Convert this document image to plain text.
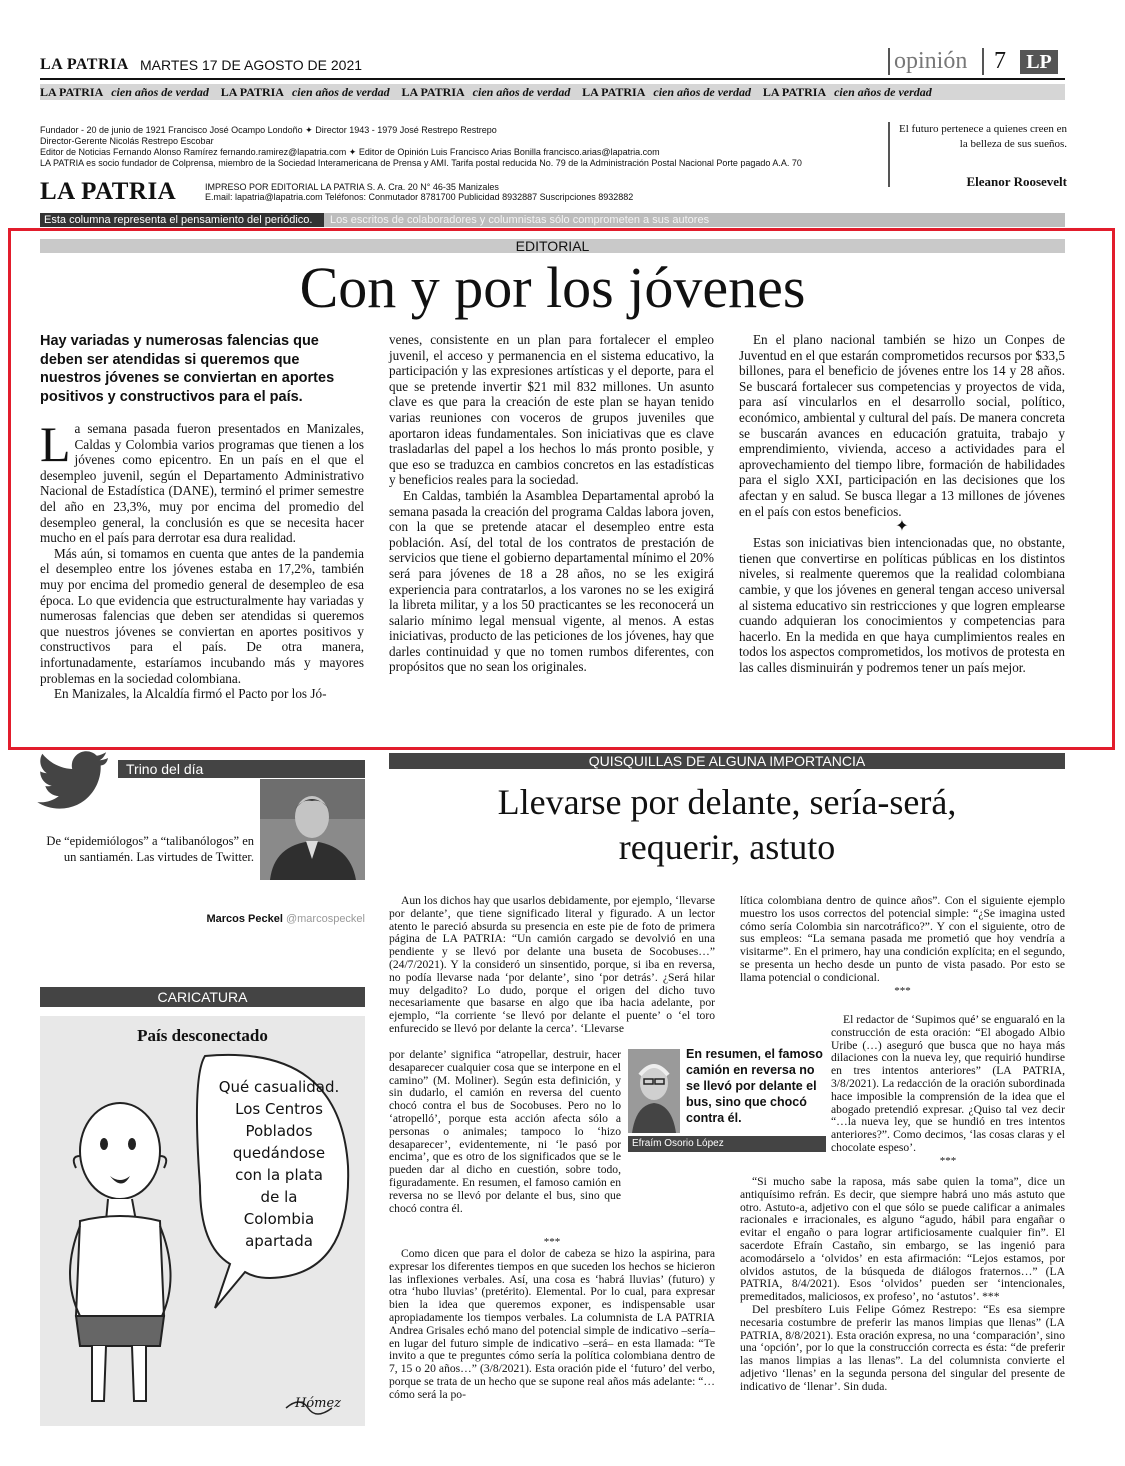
LA PATRIA MARTES 17 DE AGOSTO DE 2021	opinión	7	LP
LA PATRIA cien años de verdad LA PATRIA cien años de verdad LA PATRIA cien años de verdad LA PATRIA cien años de verdad LA PATRIA cien años de verdad
Fundador - 20 de junio de 1921 Francisco José Ocampo Londoño ✦ Director 1943 - 1979 José Restrepo Restrepo
Director-Gerente Nicolás Restrepo Escobar
Editor de Noticias Fernando Alonso Ramírez fernando.ramirez@lapatria.com ✦ Editor de Opinión Luis Francisco Arias Bonilla francisco.arias@lapatria.com
LA PATRIA es socio fundador de Colprensa, miembro de la Sociedad Interamericana de Prensa y AMI. Tarifa postal reducida No. 79 de la Administración Postal Nacional Porte pagado A.A. 70
LA PATRIA	IMPRESO POR EDITORIAL LA PATRIA S. A. Cra. 20 N° 46-35 Manizales
E.mail: lapatria@lapatria.com Teléfonos: Conmutador 8781700 Publicidad 8932887 Suscripciones 8932882
El futuro pertenece a quienes creen en la belleza de sus sueños.
Eleanor Roosevelt
Esta columna representa el pensamiento del periódico.	Los escritos de colaboradores y columnistas sólo comprometen a sus autores
EDITORIAL
Con y por los jóvenes
Hay variadas y numerosas falencias que deben ser atendidas si queremos que nuestros jóvenes se conviertan en aportes positivos y constructivos para el país.

La semana pasada fueron presentados en Manizales, Caldas y Colombia varios programas que tienen a los jóvenes como epicentro. En un país en el que el desempleo juvenil, según el Departamento Administrativo Nacional de Estadística (DANE), terminó el primer semestre del año en 23,3%, muy por encima del promedio del desempleo general, la conclusión es que se necesita hacer mucho en el país para derrotar esa dura realidad.

Más aún, si tomamos en cuenta que antes de la pandemia el desempleo entre los jóvenes estaba en 17,2%, también muy por encima del promedio general de desempleo de esa época. Lo que evidencia que estructuralmente hay variadas y numerosas falencias que deben ser atendidas si queremos que nuestros jóvenes se conviertan en aportes positivos y constructivos para el país. De otra manera, infortunadamente, estaríamos incubando más y mayores problemas en la sociedad colombiana.

En Manizales, la Alcaldía firmó el Pacto por los Jó-

venes, consistente en un plan para fortalecer el empleo juvenil, el acceso y permanencia en el sistema educativo, la participación y las expresiones artísticas y el deporte, para el que se pretende invertir $21 mil 832 millones. Un asunto clave es que para la creación de este plan se hayan tenido varias reuniones con voceros de grupos juveniles que aportaron ideas fundamentales. Son iniciativas que es clave trasladarlas del papel a los hechos lo más pronto posible, y que eso se traduzca en cambios concretos en las estadísticas y beneficios reales para la sociedad.

En Caldas, también la Asamblea Departamental aprobó la semana pasada la creación del programa Caldas labora joven, con la que se pretende atacar el desempleo entre esta población. Así, del total de los contratos de prestación de servicios que tiene el gobierno departamental mínimo el 20% será para jóvenes de 18 a 28 años, no se les exigirá experiencia para contratarlos, a los varones no se les exigirá la libreta militar, y a los 50 practicantes se les reconocerá un salario mínimo legal mensual vigente, al menos. A estas iniciativas, producto de las peticiones de los jóvenes, hay que darles continuidad y que no tomen rumbos diferentes, con propósitos que no sean los originales.

En el plano nacional también se hizo un Conpes de Juventud en el que estarán comprometidos recursos por $33,5 billones, para el beneficio de jóvenes entre los 14 y 28 años. Se buscará fortalecer sus competencias y proyectos de vida, para así vincularlos en el desarrollo social, político, económico, ambiental y cultural del país. De manera concreta se buscarán avances en educación gratuita, trabajo y emprendimiento, vivienda, acceso a actividades para el aprovechamiento del tiempo libre, formación de habilidades para el siglo XXI, participación en las decisiones que los afectan y en salud. Se busca llegar a 13 millones de jóvenes en el país con estos beneficios.

✦

Estas son iniciativas bien intencionadas que, no obstante, tienen que convertirse en políticas públicas en los distintos niveles, si realmente queremos que la realidad colombiana cambie, y que los jóvenes en general tengan acceso universal al sistema educativo sin restricciones y que logren emplearse cuando adquieran los conocimientos y competencias para hacerlo. En la medida en que haya cumplimientos reales en todos los aspectos comprometidos, los motivos de protesta en las calles disminuirán y podremos tener un país mejor.

Trino del día
De “epidemiólogos” a “talibanólogos” en un santiamén. Las virtudes de Twitter.
Marcos Peckel @marcospeckel
CARICATURA
País desconectado
Qué casualidad.
Los Centros
Poblados
quedándose
con la plata
de la
Colombia
apartada
Hómez
QUISQUILLAS DE ALGUNA IMPORTANCIA
Llevarse por delante, sería-será,
requerir, astuto

Aun los dichos hay que usarlos debidamente, por ejemplo, ‘llevarse por delante’, que tiene significado literal y figurado. A un lector atento le pareció absurda su presencia en este pie de foto de primera página de LA PATRIA: “Un camión cargado se devolvió en una pendiente y se llevó por delante una buseta de Socobuses…” (24/7/2021). Y la consideró un sinsentido, porque, si iba en reversa, no podía llevarse nada ‘por delante’, sino ‘por detrás’. ¿Será hilar muy delgadito? Lo dudo, porque el origen del dicho tuvo necesariamente que basarse en algo que iba hacia adelante, por ejemplo, “la corriente ‘se llevó por delante el puente’ o ‘el toro enfurecido se llevó por delante la cerca’. ‘Llevarse

por delante’ significa “atropellar, destruir, hacer desaparecer cualquier cosa que se interpone en el camino” (M. Moliner). Según esta definición, y sin dudarlo, el camión en reversa del cuento chocó contra el bus de Socobuses. Pero no lo ‘atropelló’, porque esta acción afecta sólo a personas o animales; tampoco lo ‘hizo desaparecer’, evidentemente, ni ‘le pasó por encima’, que es otro de los significados que se le pueden dar al dicho en cuestión, sobre todo, figuradamente. En resumen, el famoso camión en reversa no se llevó por delante el bus, sino que chocó contra él.

En resumen, el famoso camión en reversa no se llevó por delante el bus, sino que chocó contra él.
Efraím Osorio López

lítica colombiana dentro de quince años”. Con el siguiente ejemplo muestro los usos correctos del potencial simple: “¿Se imagina usted cómo sería Colombia sin narcotráfico?”. Y con el siguiente, otro de sus empleos: “La semana pasada me prometió que hoy vendría a visitarme”. En el primero, hay una condición explícita; en el segundo, se presenta un hecho desde un punto de vista pasado. Por esto se llama potencial o condicional.

***

El redactor de ‘Supimos qué’ se enguaraló en la construcción de esta oración: “El abogado Albio Uribe (…) aseguró que busca que no haya más dilaciones con la nueva ley, que requirió hundirse en tres intentos anteriores” (LA PATRIA, 3/8/2021). La redacción de la oración subordinada hace imposible la comprensión de la idea que el abogado pretendió expresar. ¿Quiso tal vez decir “…la nueva ley, que se hundió en tres intentos anteriores?”. Como decimos, ‘las cosas claras y el chocolate espeso’.

***

“Si mucho sabe la raposa, más sabe quien la toma”, dice un antiquísimo refrán. Es decir, que siempre habrá uno más astuto que otro. Astuto-a, adjetivo con el que sólo se puede calificar a animales racionales e irracionales, es alguno “agudo, hábil para engañar o evitar el engaño o para lograr artificiosamente cualquier fin”. El sacerdote Efraín Castaño, sin embargo, se las ingenió para acomodárselo a ‘olvidos’ en esta afirmación: “Lejos estamos, por olvidos astutos, de la búsqueda de diálogos fraternos…” (LA PATRIA, 8/4/2021). Esos ‘olvidos’ pueden ser ‘intencionales, premeditados, maliciosos, ex profeso’, no ‘astutos’. ***

Del presbítero Luis Felipe Gómez Restrepo: “Es esa siempre necesaria costumbre de preferir las manos limpias que llenas” (LA PATRIA, 8/8/2021). Esta oración expresa, no una ‘comparación’, sino una ‘opción’, por lo que la construcción correcta es ésta: “de preferir las manos limpias a las llenas”. La del columnista convierte el adjetivo ‘llenas’ en la segunda persona del singular del presente de indicativo de ‘llenar’. Sin duda.

***

Como dicen que para el dolor de cabeza se hizo la aspirina, para expresar los diferentes tiempos en que suceden los hechos se hicieron las inflexiones verbales. Así, una cosa es ‘habrá lluvias’ (futuro) y otra ‘hubo lluvias’ (pretérito). Elemental. Por lo cual, para expresar bien la idea que queremos exponer, es indispensable usar apropiadamente los tiempos verbales. La columnista de LA PATRIA Andrea Grisales echó mano del potencial simple de indicativo –sería– en lugar del futuro simple de indicativo –será– en esta llamada: “Te invito a que te preguntes cómo sería la política colombiana dentro de 7, 15 o 20 años…” (3/8/2021). Esta oración pide el ‘futuro’ del verbo, porque se trata de un hecho que se supone real años más adelante: “…cómo será la po-
